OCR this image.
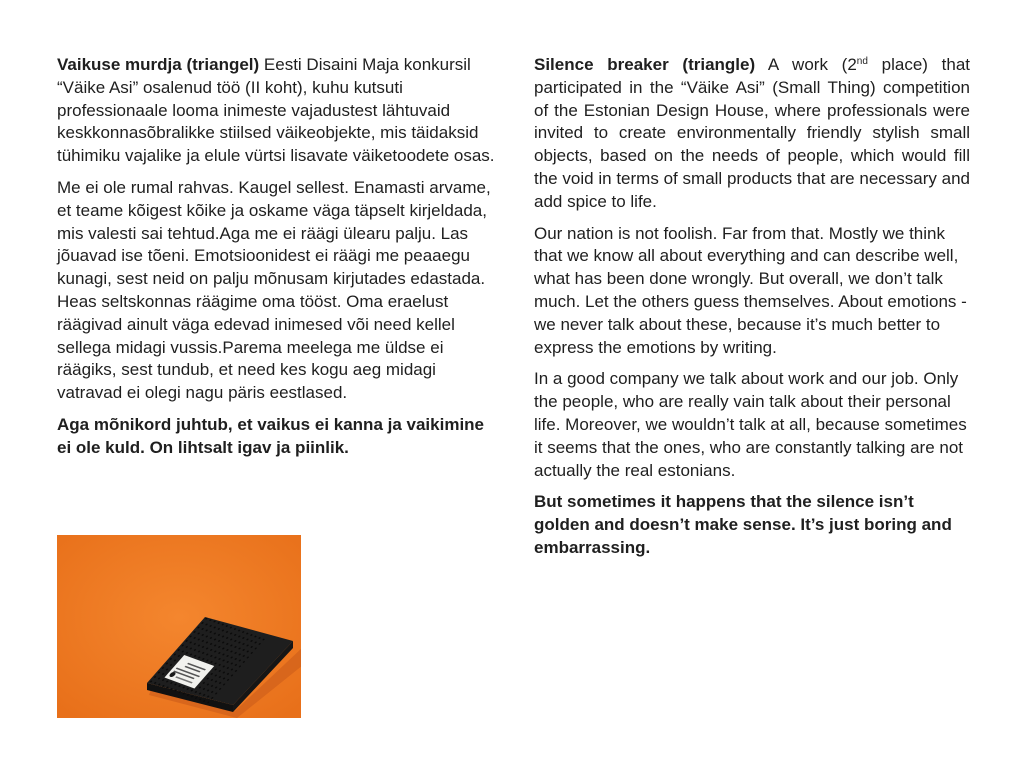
Vaikuse murdja (triangel) Eesti Disaini Maja konkursil “Väike Asi” osalenud töö (II koht), kuhu kutsuti professionaale looma inimeste vajadustest lähtuvaid keskkonnasõbralikke stiilsed väikeobjekte, mis täidaksid tühimiku vajalike ja elulе vürtsi lisavate väiketoodete osas.

Me ei ole rumal rahvas. Kaugel sellest. Enamasti arvame, et teame kõigest kõike ja oskame väga täpselt kirjeldada, mis valesti sai tehtud.Aga me ei räägi ülearu palju. Las jõuavad ise tõeni. Emotsioonidest ei räägi me peaaegu kunagi, sest neid on palju mõnusam kirjutades edastada. Heas seltskonnas räägime oma tööst. Oma eraelust räägivad ainult väga edevad inimesed või need kellel sellega midagi vussis.Parema meelega me üldse ei räägiks, sest tundub, et need kes kogu aeg midagi vatravad ei olegi nagu päris eestlased.

Aga mõnikord juhtub, et vaikus ei kanna ja vaikimine ei ole kuld. On lihtsalt igav ja piinlik.

Silence breaker (triangle) A work (2nd place) that participated in the “Väike Asi” (Small Thing) competition of the Estonian Design House, where professionals were invited to create environmentally friendly stylish small objects, based on the needs of people, which would fill the void in terms of small products that are necessary and add spice to life.

Our nation is not foolish. Far from that. Mostly we think that we know all about everything and can describe well, what has been done wrongly. But overall, we don’t talk much. Let the others guess themselves. About emotions - we never talk about these, because it’s much better to express the emotions by writing.

In a good company we talk about work and our job. Only the people, who are really vain talk about their personal life. Moreover, we wouldn’t talk at all, because sometimes it seems that the ones, who are constantly talking are not actually the real estonians.

But sometimes it happens that the silence isn’t golden and doesn’t make sense. It’s just boring and embarrassing.
